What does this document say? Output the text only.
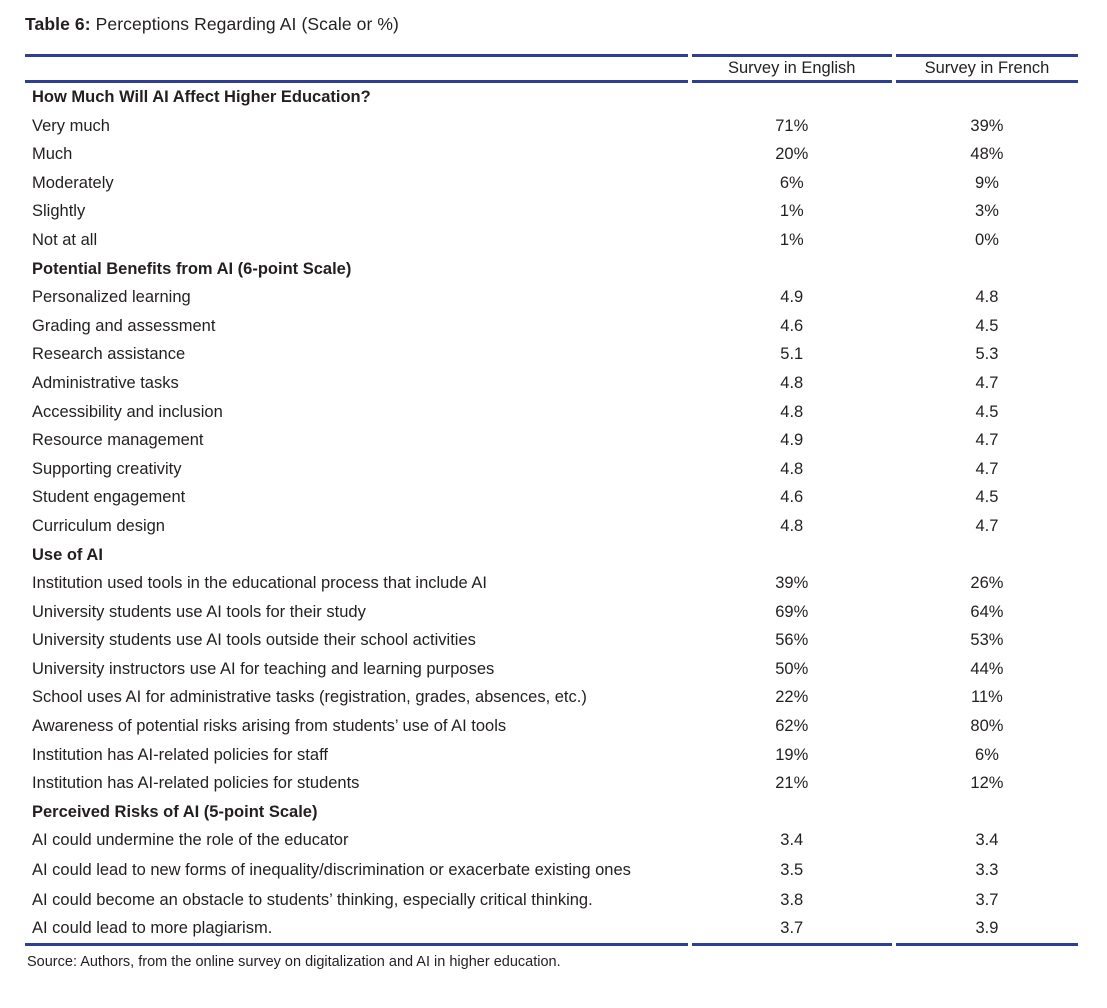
Table 6: Perceptions Regarding AI (Scale or %)
	Survey in English	Survey in French
How Much Will AI Affect Higher Education?		
Very much	71%	39%
Much	20%	48%
Moderately	6%	9%
Slightly	1%	3%
Not at all	1%	0%
Potential Benefits from AI (6-point Scale)		
Personalized learning	4.9	4.8
Grading and assessment	4.6	4.5
Research assistance	5.1	5.3
Administrative tasks	4.8	4.7
Accessibility and inclusion	4.8	4.5
Resource management	4.9	4.7
Supporting creativity	4.8	4.7
Student engagement	4.6	4.5
Curriculum design	4.8	4.7
Use of AI		
Institution used tools in the educational process that include AI	39%	26%
University students use AI tools for their study	69%	64%
University students use AI tools outside their school activities	56%	53%
University instructors use AI for teaching and learning purposes	50%	44%
School uses AI for administrative tasks (registration, grades, absences, etc.)	22%	11%
Awareness of potential risks arising from students’ use of AI tools	62%	80%
Institution has AI-related policies for staff	19%	6%
Institution has AI-related policies for students	21%	12%
Perceived Risks of AI (5-point Scale)		
AI could undermine the role of the educator	3.4	3.4
AI could lead to new forms of inequality/discrimination or exacerbate existing ones	3.5	3.3
AI could become an obstacle to students’ thinking, especially critical thinking.	3.8	3.7
AI could lead to more plagiarism.	3.7	3.9
Source: Authors, from the online survey on digitalization and AI in higher education.
